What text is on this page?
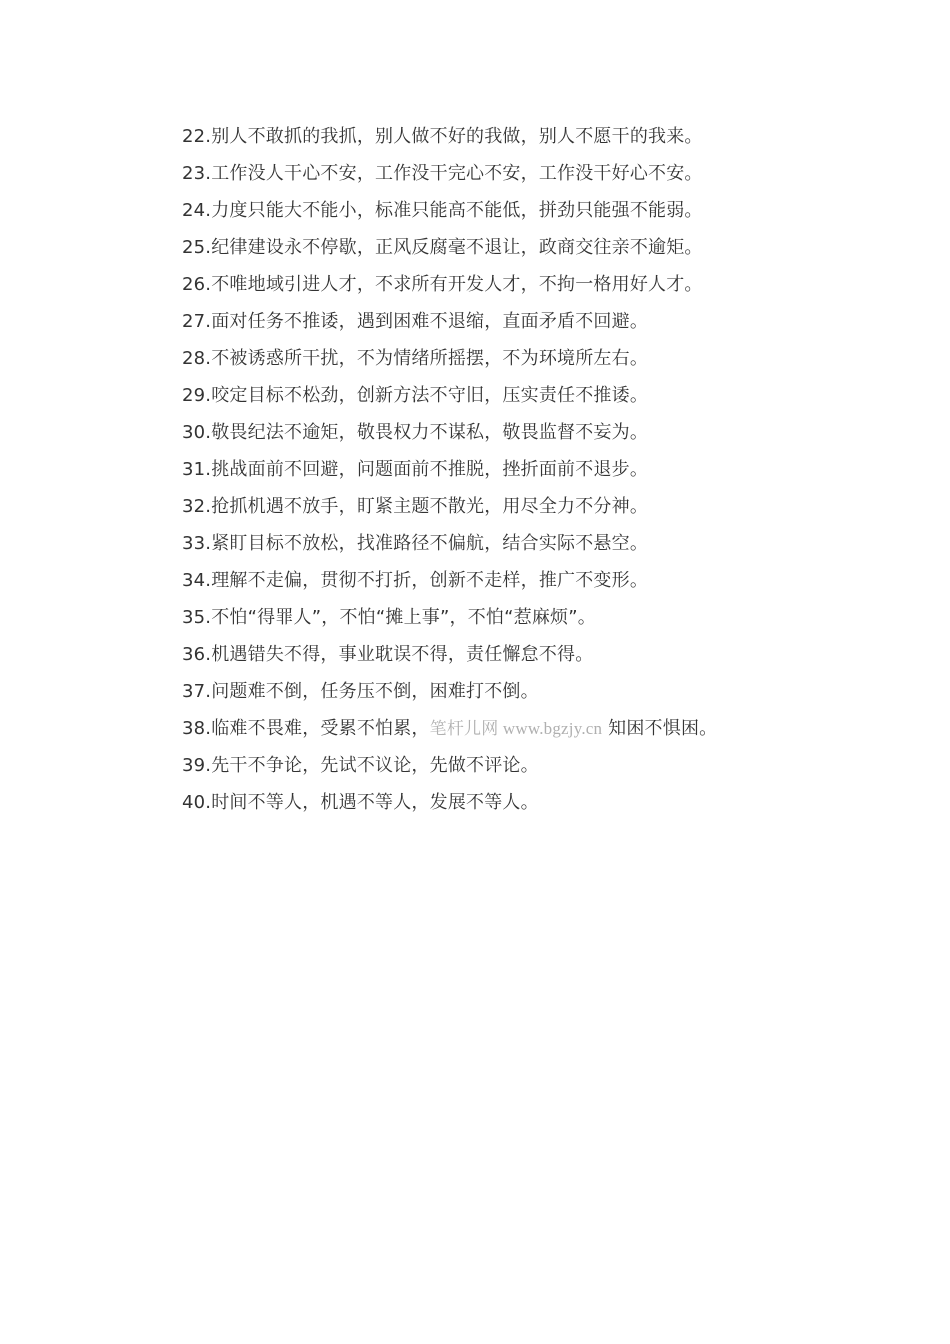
22.别人不敢抓的我抓，别人做不好的我做，别人不愿干的我来。
23.工作没人干心不安，工作没干完心不安，工作没干好心不安。
24.力度只能大不能小，标准只能高不能低，拼劲只能强不能弱。
25.纪律建设永不停歇，正风反腐毫不退让，政商交往亲不逾矩。
26.不唯地域引进人才，不求所有开发人才，不拘一格用好人才。
27.面对任务不推诿，遇到困难不退缩，直面矛盾不回避。
28.不被诱惑所干扰，不为情绪所摇摆，不为环境所左右。
29.咬定目标不松劲，创新方法不守旧，压实责任不推诿。
30.敬畏纪法不逾矩，敬畏权力不谋私，敬畏监督不妄为。
31.挑战面前不回避，问题面前不推脱，挫折面前不退步。
32.抢抓机遇不放手，盯紧主题不散光，用尽全力不分神。
33.紧盯目标不放松，找准路径不偏航，结合实际不悬空。
34.理解不走偏，贯彻不打折，创新不走样，推广不变形。
35.不怕“得罪人”，不怕“摊上事”，不怕“惹麻烦”。
36.机遇错失不得，事业耽误不得，责任懈怠不得。
37.问题难不倒，任务压不倒，困难打不倒。
38.临难不畏难，受累不怕累，笔杆儿网 www.bgzjy.cn 知困不惧困。
39.先干不争论，先试不议论，先做不评论。
40.时间不等人，机遇不等人，发展不等人。
